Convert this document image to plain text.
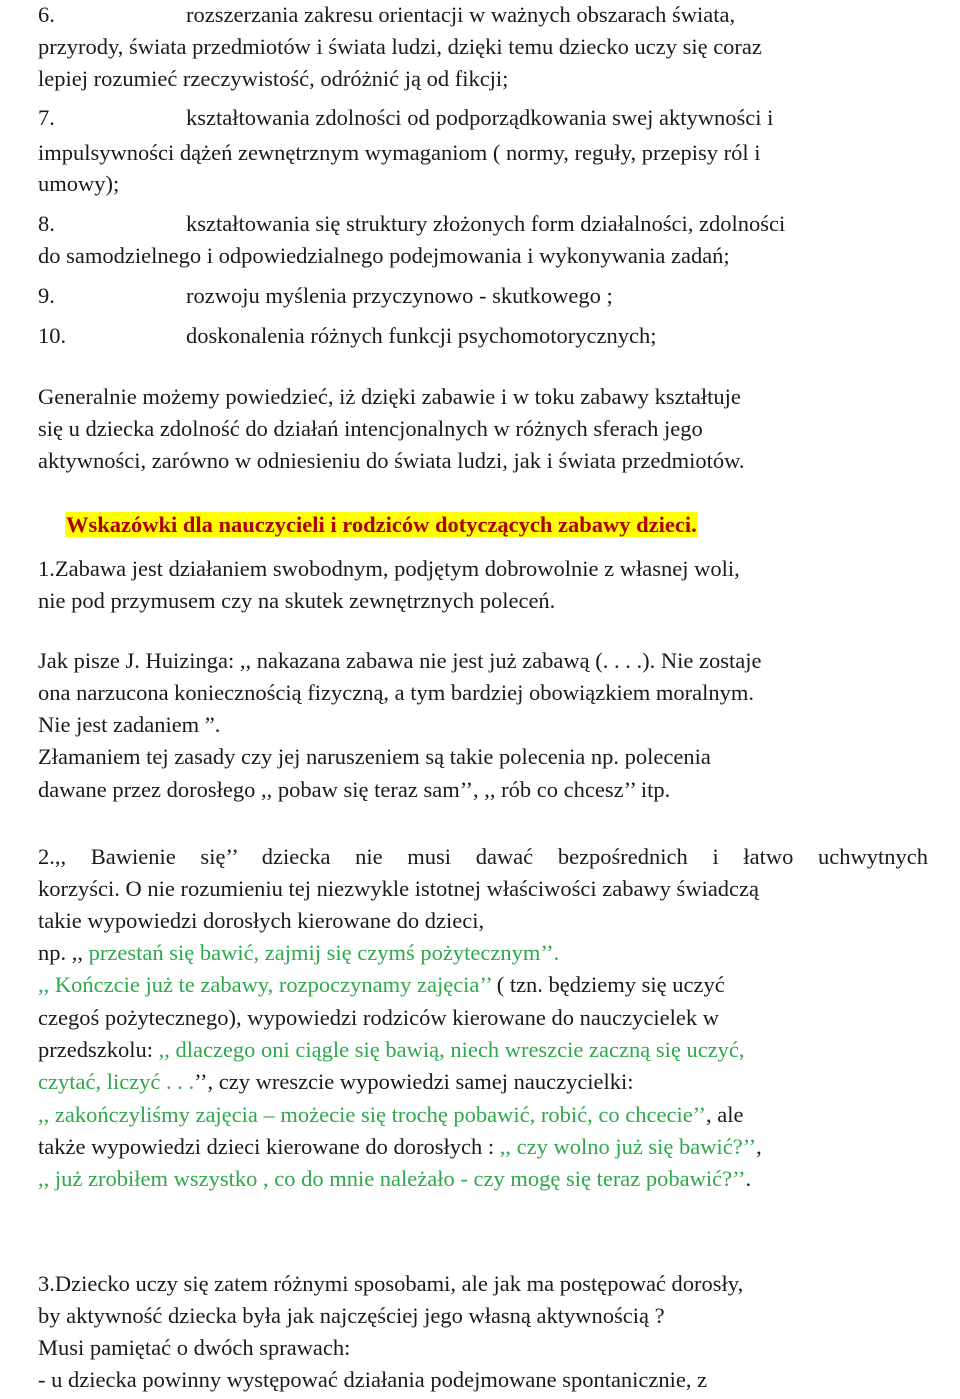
6.	rozszerzania zakresu orientacji w ważnych obszarach świata,
przyrody, świata przedmiotów i świata ludzi, dzięki temu dziecko uczy się coraz
lepiej rozumieć rzeczywistość, odróżnić ją od fikcji;
7.	kształtowania zdolności od podporządkowania swej aktywności i
impulsywności dążeń zewnętrznym wymaganiom ( normy, reguły, przepisy ról i
umowy);
8.	kształtowania się struktury złożonych form działalności, zdolności
do samodzielnego i odpowiedzialnego podejmowania i wykonywania zadań;
9.	rozwoju myślenia przyczynowo - skutkowego ;
10.	doskonalenia różnych funkcji psychomotorycznych;
Generalnie możemy powiedzieć, iż dzięki zabawie i w toku zabawy kształtuje
się u dziecka zdolność do działań intencjonalnych w różnych sferach jego
aktywności, zarówno w odniesieniu do świata ludzi, jak i świata przedmiotów.
Wskazówki dla nauczycieli i rodziców dotyczących zabawy dzieci.
1.Zabawa jest działaniem swobodnym, podjętym dobrowolnie z własnej woli,
nie pod przymusem czy na skutek zewnętrznych poleceń.
Jak pisze J. Huizinga: ,, nakazana zabawa nie jest już zabawą (. . . .). Nie zostaje
ona narzucona koniecznością fizyczną, a tym bardziej obowiązkiem moralnym.
Nie jest zadaniem ”.
Złamaniem tej zasady czy jej naruszeniem są takie polecenia np. polecenia
dawane przez dorosłego ,, pobaw się teraz sam’’, ,, rób co chcesz’’ itp.
2.,, Bawienie się’’ dziecka nie musi dawać bezpośrednich i łatwo uchwytnych
korzyści. O nie rozumieniu tej niezwykle istotnej właściwości zabawy świadczą
takie wypowiedzi dorosłych kierowane do dzieci,
np. ,, przestań się bawić, zajmij się czymś pożytecznym’’.
,, Kończcie już te zabawy, rozpoczynamy zajęcia’’ ( tzn. będziemy się uczyć
czegoś pożytecznego), wypowiedzi rodziców kierowane do nauczycielek w
przedszkolu: ,, dlaczego oni ciągle się bawią, niech wreszcie zaczną się uczyć,
czytać, liczyć . . .’’, czy wreszcie wypowiedzi samej nauczycielki:
,, zakończyliśmy zajęcia – możecie się trochę pobawić, robić, co chcecie’’, ale
także wypowiedzi dzieci kierowane do dorosłych : ,, czy wolno już się bawić?’’,
,, już zrobiłem wszystko , co do mnie należało - czy mogę się teraz pobawić?’’.
3.Dziecko uczy się zatem różnymi sposobami, ale jak ma postępować dorosły,
by aktywność dziecka była jak najczęściej jego własną aktywnością ?
Musi pamiętać o dwóch sprawach:
- u dziecka powinny występować działania podejmowane spontanicznie, z
